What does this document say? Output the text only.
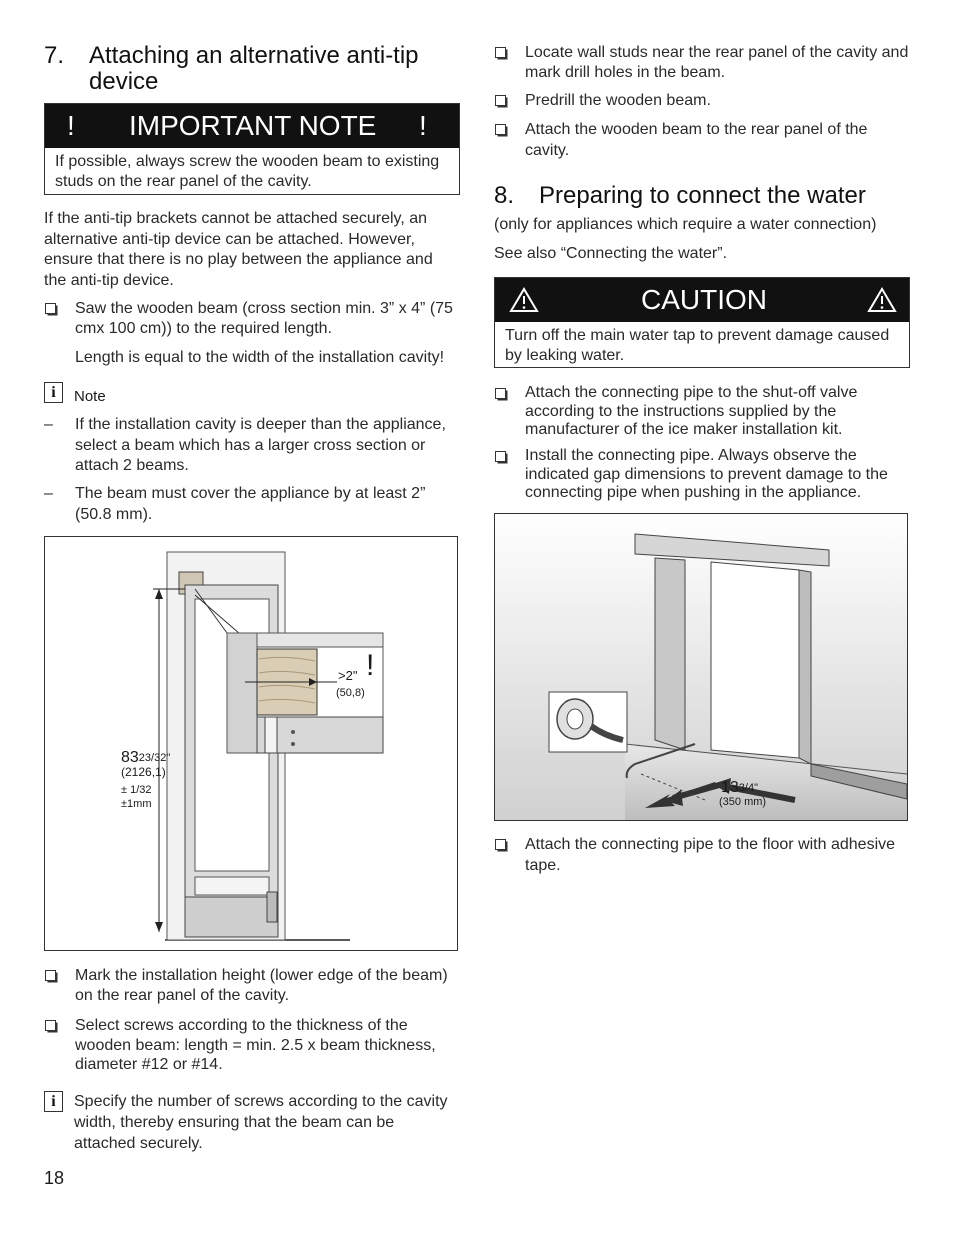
7.	Attaching an alternative anti-tip device
!	IMPORTANT NOTE	!
If possible, always screw the wooden beam to existing studs on the rear panel of the cavity.
If the anti-tip brackets cannot be attached securely, an alternative anti-tip device can be attached. However, ensure that there is no play between the appliance and the anti-tip device.
Saw the wooden beam (cross section min. 3” x 4” (75 cmx 100 cm)) to the required length.
Length is equal to the width of the installation cavity!
i	Note
–	If the installation cavity is deeper than the appliance, select a beam which has a larger cross section or attach 2 beams.
–	The beam must cover the appliance by at least 2” (50.8 mm).
Mark the installation height (lower edge of the beam) on the rear panel of the cavity.
Select screws according to the thickness of the wooden beam: length = min. 2.5 x beam thickness, diameter #12 or #14.
i	Specify the number of screws according to the cavity width, thereby ensuring that the beam can be attached securely.
>2" !
(50,8)
$83^{23/32"}$
(2126,1)
± 1/32
±1mm
Locate wall studs near the rear panel of the cavity and mark drill holes in the beam.
Predrill the wooden beam.
Attach the wooden beam to the rear panel of the cavity.
8.	Preparing to connect the water
(only for appliances which require a water connection)
See also “Connecting the water”.
CAUTION
Turn off the main water tap to prevent damage caused by leaking water.
Attach the connecting pipe to the shut-off valve according to the instructions supplied by the manufacturer of the ice maker installation kit.
Install the connecting pipe. Always observe the indicated gap dimensions to prevent damage to the connecting pipe when pushing in the appliance.
Attach the connecting pipe to the floor with adhesive tape.
$13^{3/4"}$
(350 mm)
18
